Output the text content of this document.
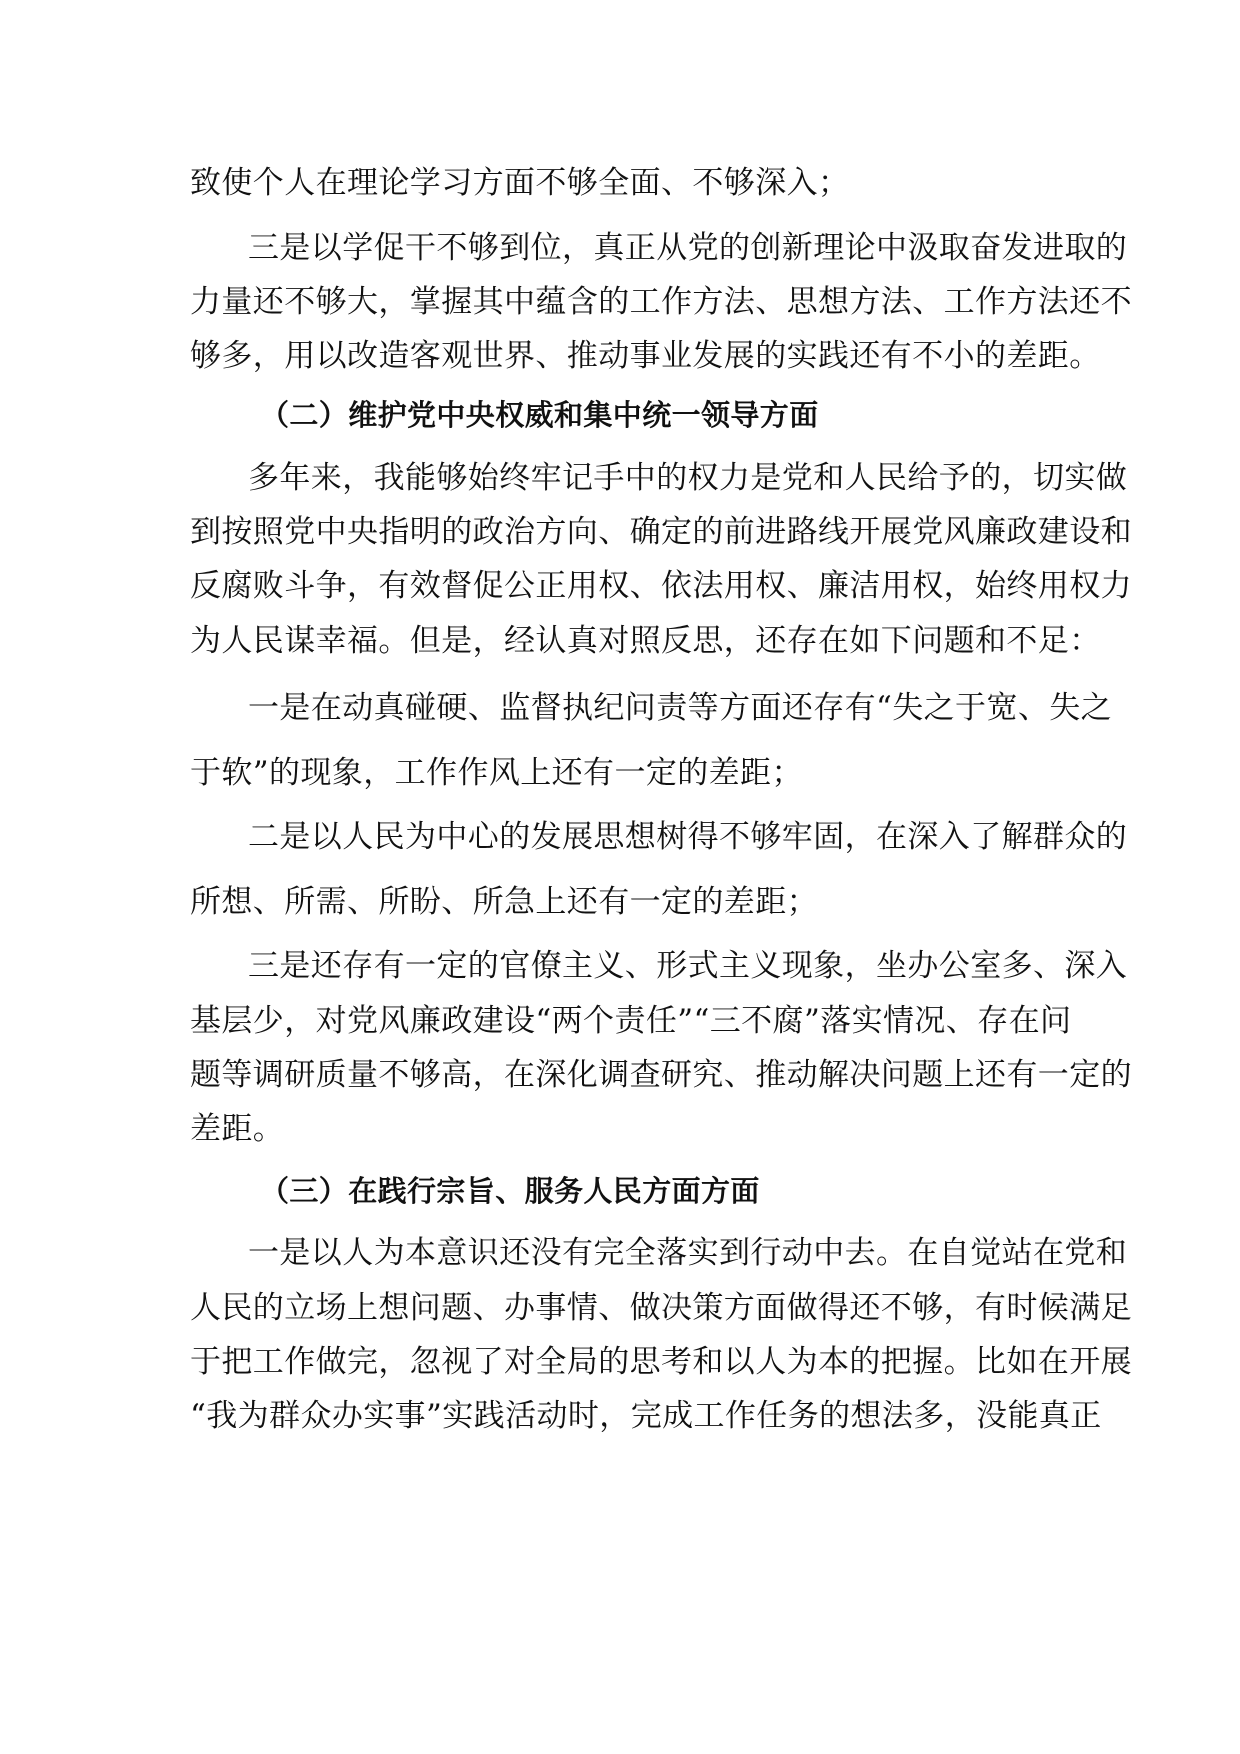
致使个人在理论学习方面不够全面、不够深入；
三是以学促干不够到位，真正从党的创新理论中汲取奋发进取的
力量还不够大，掌握其中蕴含的工作方法、思想方法、工作方法还不
够多，用以改造客观世界、推动事业发展的实践还有不小的差距。
（二）维护党中央权威和集中统一领导方面
多年来，我能够始终牢记手中的权力是党和人民给予的，切实做
到按照党中央指明的政治方向、确定的前进路线开展党风廉政建设和
反腐败斗争，有效督促公正用权、依法用权、廉洁用权，始终用权力
为人民谋幸福。但是，经认真对照反思，还存在如下问题和不足：
一是在动真碰硬、监督执纪问责等方面还存有“失之于宽、失之
于软”的现象，工作作风上还有一定的差距；
二是以人民为中心的发展思想树得不够牢固，在深入了解群众的
所想、所需、所盼、所急上还有一定的差距；
三是还存有一定的官僚主义、形式主义现象，坐办公室多、深入
基层少，对党风廉政建设“两个责任”“三不腐”落实情况、存在问
题等调研质量不够高，在深化调查研究、推动解决问题上还有一定的
差距。
（三）在践行宗旨、服务人民方面方面
一是以人为本意识还没有完全落实到行动中去。在自觉站在党和
人民的立场上想问题、办事情、做决策方面做得还不够，有时候满足
于把工作做完，忽视了对全局的思考和以人为本的把握。比如在开展
“我为群众办实事”实践活动时，完成工作任务的想法多，没能真正
